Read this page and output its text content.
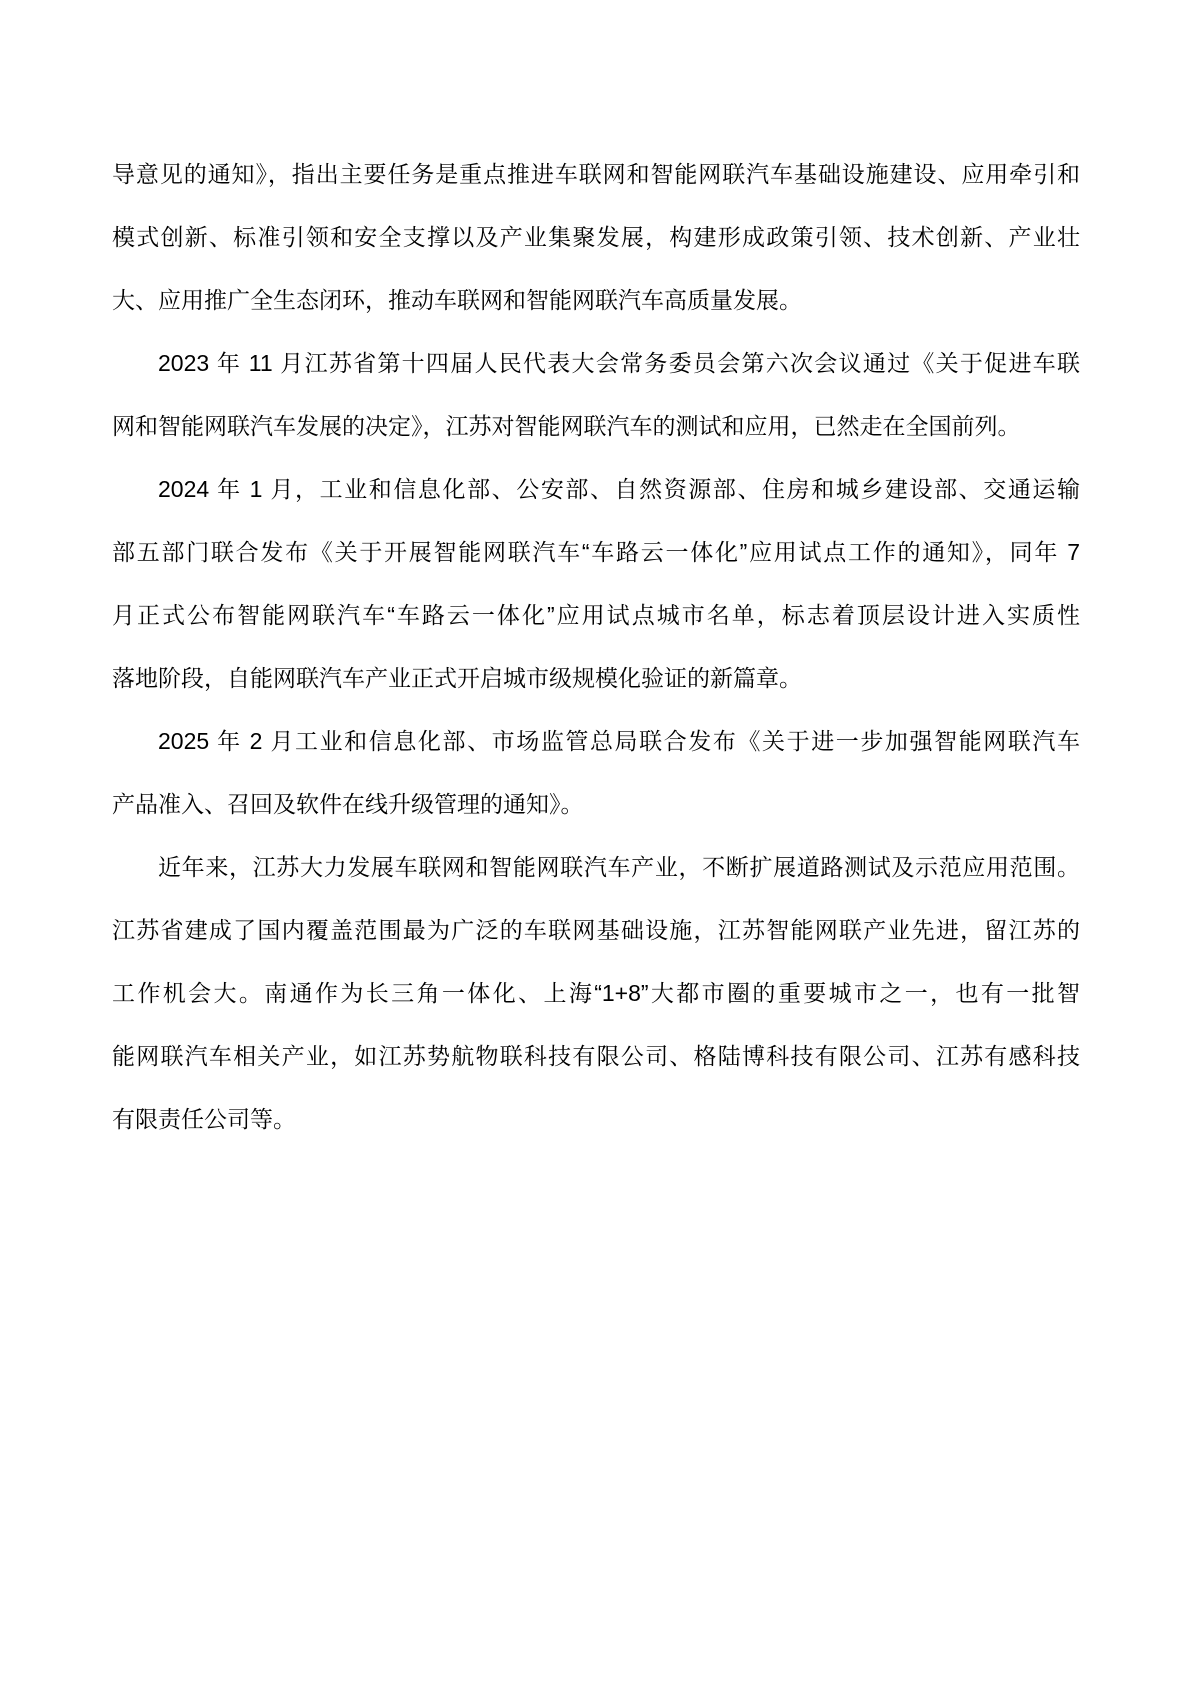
导意见的通知》，指出主要任务是重点推进车联网和智能网联汽车基础设施建设、应用牵引和
模式创新、标准引领和安全支撑以及产业集聚发展，构建形成政策引领、技术创新、产业壮
大、应用推广全生态闭环，推动车联网和智能网联汽车高质量发展。
2023 年 11 月江苏省第十四届人民代表大会常务委员会第六次会议通过《关于促进车联
网和智能网联汽车发展的决定》，江苏对智能网联汽车的测试和应用，已然走在全国前列。
2024 年 1 月，工业和信息化部、公安部、自然资源部、住房和城乡建设部、交通运输
部五部门联合发布《关于开展智能网联汽车“车路云一体化”应用试点工作的通知》，同年 7
月正式公布智能网联汽车“车路云一体化”应用试点城市名单，标志着顶层设计进入实质性
落地阶段，自能网联汽车产业正式开启城市级规模化验证的新篇章。
2025 年 2 月工业和信息化部、市场监管总局联合发布《关于进一步加强智能网联汽车
产品准入、召回及软件在线升级管理的通知》。
近年来，江苏大力发展车联网和智能网联汽车产业，不断扩展道路测试及示范应用范围。
江苏省建成了国内覆盖范围最为广泛的车联网基础设施，江苏智能网联产业先进，留江苏的
工作机会大。南通作为长三角一体化、上海“1+8”大都市圈的重要城市之一，也有一批智
能网联汽车相关产业，如江苏势航物联科技有限公司、格陆博科技有限公司、江苏有感科技
有限责任公司等。
